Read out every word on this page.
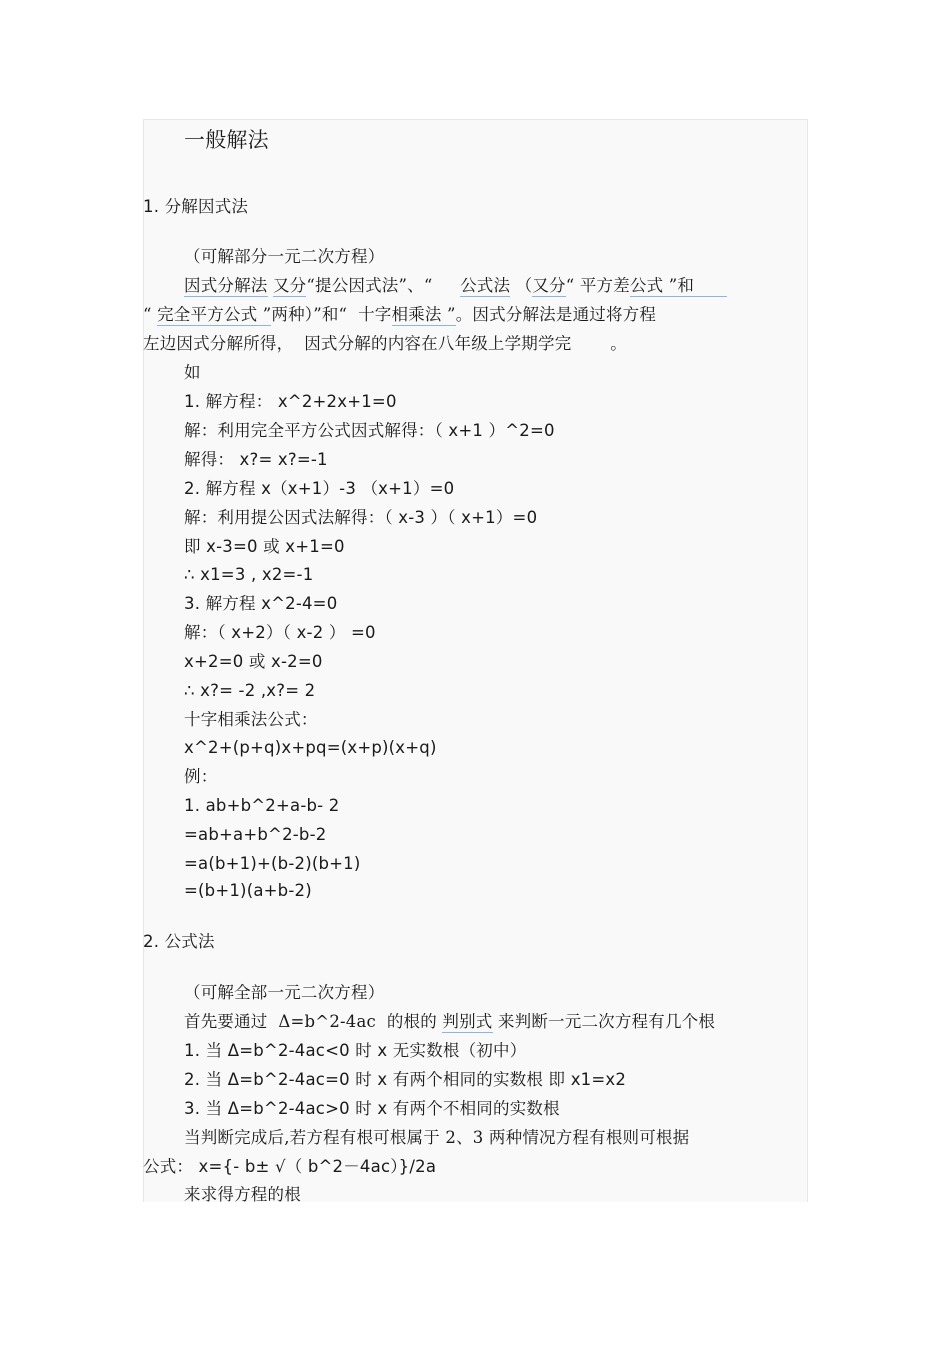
一般解法
1. 分解因式法
（可解部分一元二次方程）
因式分解法 又分“提公因式法”、“　  公式法 （又分“ 平方差公式 ”和　
“ 完全平方公式 ”两种）”和“  十字相乘法 ”。因式分解法是通过将方程
左边因式分解所得，  因式分解的内容在八年级上学期学完　　 。
如
1. 解方程： x^2+2x+1=0
解：利用完全平方公式因式解得：（ x+1 ）^2=0
解得： x?= x?=-1
2. 解方程 x（x+1）-3 （x+1）=0
解：利用提公因式法解得：（ x-3 ）（ x+1）=0
即 x-3=0 或 x+1=0
∴ x1=3 , x2=-1
3. 解方程 x^2-4=0
解：（ x+2）（ x-2 ） =0
x+2=0 或 x-2=0
∴ x?= -2 ,x?= 2
十字相乘法公式：
x^2+(p+q)x+pq=(x+p)(x+q)
例：
1. ab+b^2+a-b- 2
=ab+a+b^2-b-2
=a(b+1)+(b-2)(b+1)
=(b+1)(a+b-2)
2. 公式法
（可解全部一元二次方程）
首先要通过  Δ=b^2-4ac  的根的 判别式 来判断一元二次方程有几个根
1. 当 Δ=b^2-4ac<0 时 x 无实数根（初中）
2. 当 Δ=b^2-4ac=0 时 x 有两个相同的实数根 即 x1=x2
3. 当 Δ=b^2-4ac>0 时 x 有两个不相同的实数根
当判断完成后,若方程有根可根属于 2、3 两种情况方程有根则可根据
公式： x={- b± √（ b^2－4ac）}/2a
来求得方程的根
